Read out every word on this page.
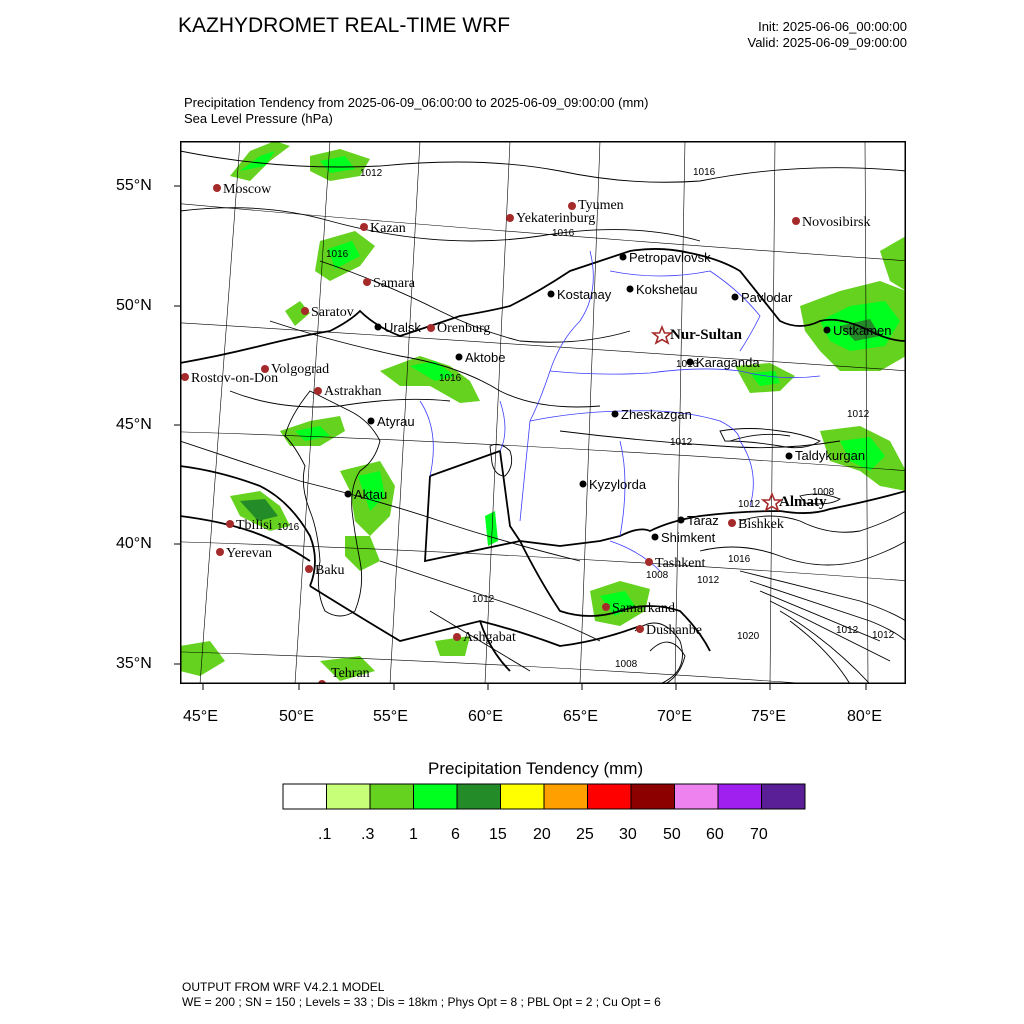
KAZHYDROMET REAL-TIME WRF	Init: 2025-06-06_00:00:00
Valid: 2025-06-09_09:00:00
Precipitation Tendency from 2025-06-09_06:00:00 to 2025-06-09_09:00:00 (mm)
Sea Level Pressure (hPa)
55°N
50°N
45°N
40°N
35°N
45°E	50°E	55°E	60°E	65°E	70°E	75°E	80°E
Moscow
Kazan
Samara
Saratov
Volgograd
Rostov-on-Don
Astrakhan
Orenburg
Yekaterinburg
Tyumen
Novosibirsk
Tbilisi
Yerevan
Baku
Ashgabat
Tehran
Samarkand
Dushanbe
Tashkent
Bishkek
Petropavlovsk
Kostanay Kokshetau
Pavlodar
Uralsk
Aktobe	Karaganda
Ustkamen
Atyrau	Zheskazgan
Taldykurgan
Aktau
Kyzylorda
Taraz
Shimkent
Nur-Sultan
Almaty
1012	1016
1016
1016
1016
1016
1012
1012
1016
1012
1012
1016
1008
1012
1008
1008
1012
1020
1012
Precipitation Tendency (mm)
.1 .3 1 6 15 20 25 30 50 60 70
OUTPUT FROM WRF V4.2.1 MODEL
WE = 200 ; SN = 150 ; Levels = 33 ; Dis = 18km ; Phys Opt = 8 ; PBL Opt = 2 ; Cu Opt = 6
